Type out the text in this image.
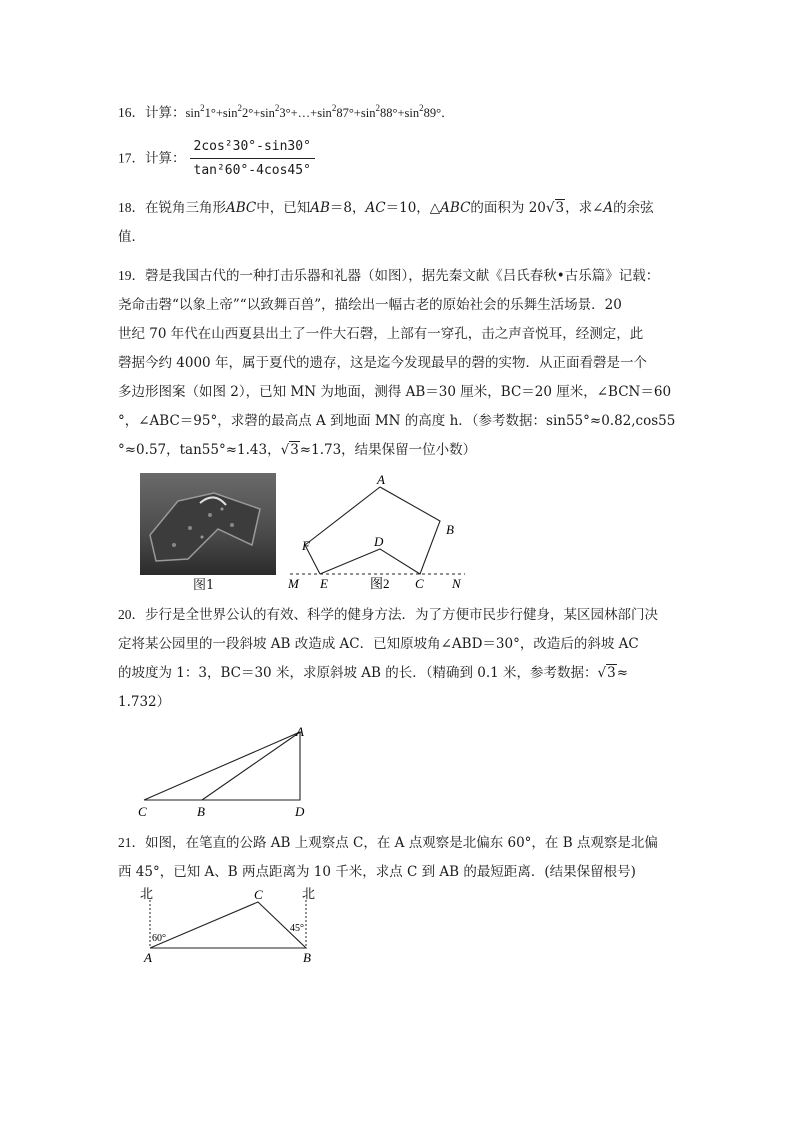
16．计算：$\sin^21^\circ+\sin^22^\circ+\sin^23^\circ+\dots+\sin^287^\circ+\sin^288^\circ+\sin^289^\circ$．
17．计算： $\frac{\text{2cos²30°-sin30°}}{\text{tan²60°-4cos45°}}$
18．在锐角三角形ABC中，已知AB＝8，AC＝10，△ABC的面积为 20√3，求∠A的余弦
值．
19．磬是我国古代的一种打击乐器和礼器（如图），据先秦文献《吕氏春秋•古乐篇》记载：
尧命击磬“以象上帝”“以致舞百兽”，描绘出一幅古老的原始社会的乐舞生活场景．20
世纪 70 年代在山西夏县出土了一件大石磬，上部有一穿孔，击之声音悦耳，经测定，此
磬据今约 4000 年，属于夏代的遗存，这是迄今发现最早的磬的实物．从正面看磬是一个
多边形图案（如图 2），已知 MN 为地面，测得 AB＝30 厘米，BC＝20 厘米，∠BCN＝60
°，∠ABC＝95°，求磬的最高点 A 到地面 MN 的高度 h．（参考数据：sin55°≈0.82,cos55
°≈0.57，tan55°≈1.43，√3≈1.73，结果保留一位小数）
图1
A
B
C
D
E
F
M	N
图2
20．步行是全世界公认的有效、科学的健身方法．为了方便市民步行健身，某区园林部门决
定将某公园里的一段斜坡 AB 改造成 AC．已知原坡角∠ABD＝30°，改造后的斜坡 AC
的坡度为 1：3，BC＝30 米，求原斜坡 AB 的长．（精确到 0.1 米，参考数据：√3≈
1.732）
A
B
C	D
21．如图，在笔直的公路 AB 上观察点 C，在 A 点观察是北偏东 60°，在 B 点观察是北偏
西 45°，已知 A、B 两点距离为 10 千米，求点 C 到 AB 的最短距离．(结果保留根号)
北	北
60°
45°
C
A	B
